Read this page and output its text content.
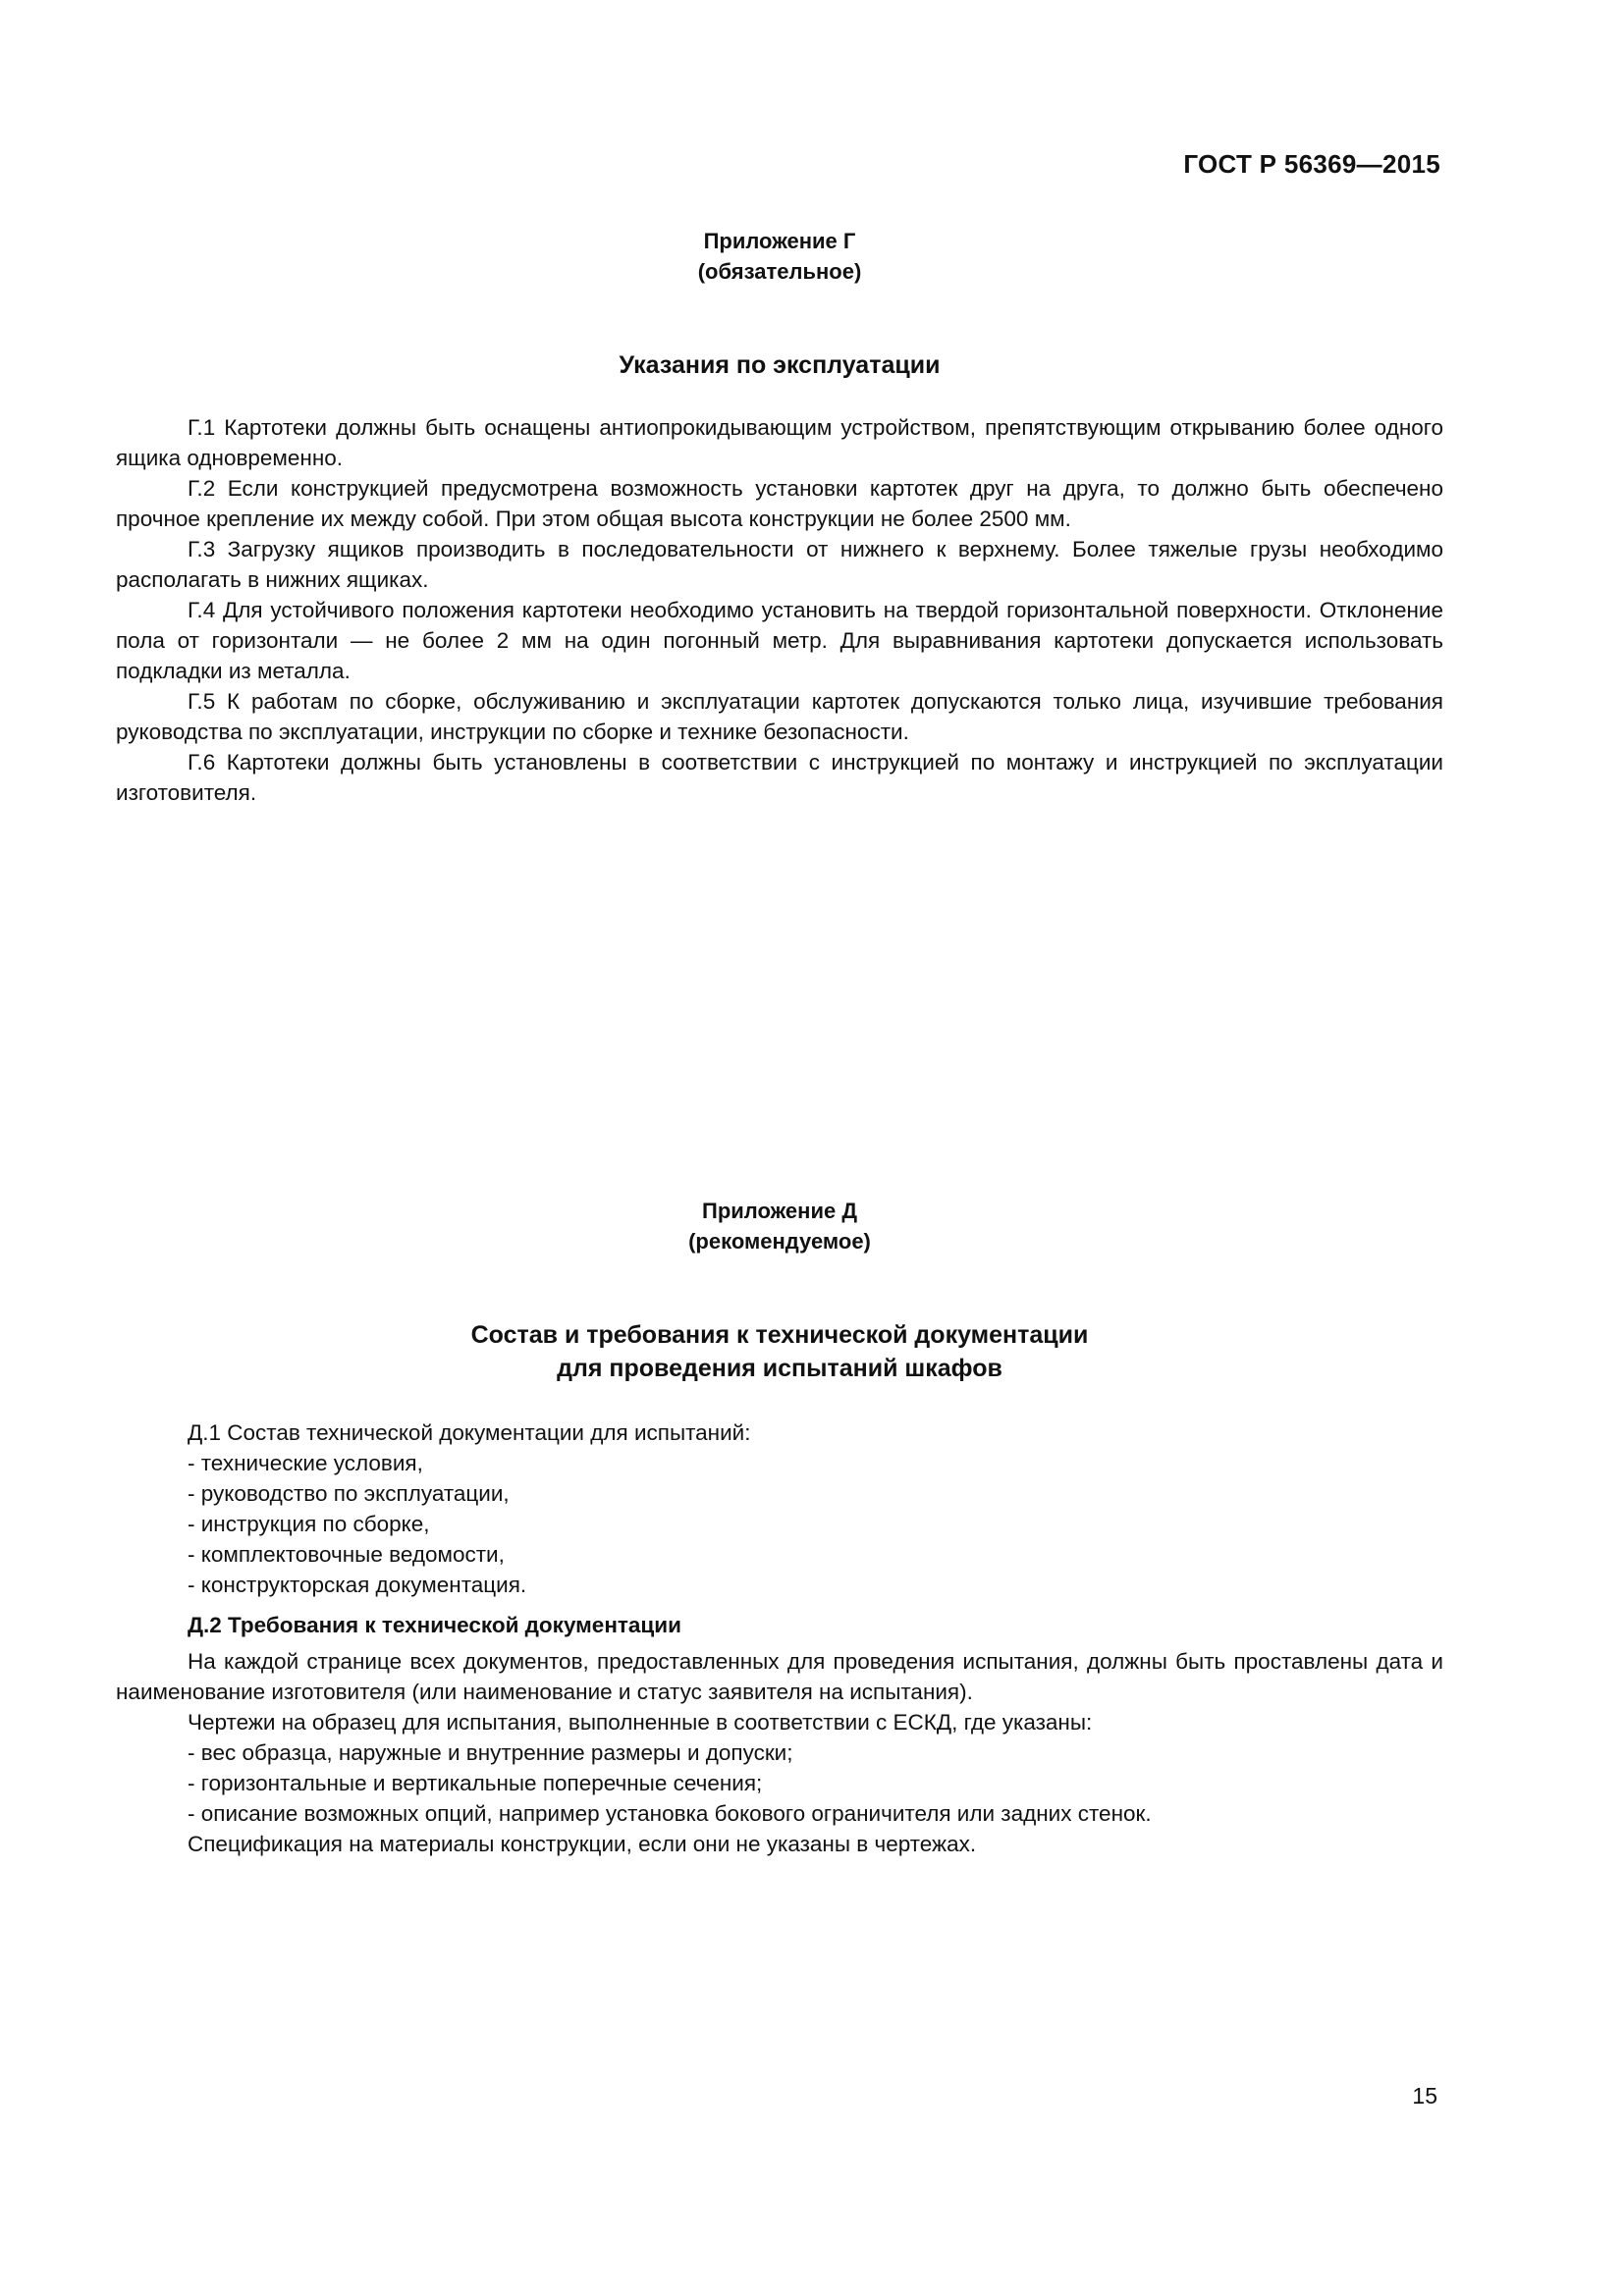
ГОСТ Р 56369—2015
Приложение Г
(обязательное)
Указания по эксплуатации

Г.1 Картотеки должны быть оснащены антиопрокидывающим устройством, препятствующим открыванию более одного ящика одновременно.

Г.2 Если конструкцией предусмотрена возможность установки картотек друг на друга, то должно быть обеспечено прочное крепление их между собой. При этом общая высота конструкции не более 2500 мм.

Г.3 Загрузку ящиков производить в последовательности от нижнего к верхнему. Более тяжелые грузы необходимо располагать в нижних ящиках.

Г.4 Для устойчивого положения картотеки необходимо установить на твердой горизонтальной поверхности. Отклонение пола от горизонтали — не более 2 мм на один погонный метр. Для выравнивания картотеки допускается использовать подкладки из металла.

Г.5 К работам по сборке, обслуживанию и эксплуатации картотек допускаются только лица, изучившие требования руководства по эксплуатации, инструкции по сборке и технике безопасности.

Г.6 Картотеки должны быть установлены в соответствии с инструкцией по монтажу и инструкцией по эксплуатации изготовителя.

Приложение Д
(рекомендуемое)
Состав и требования к технической документации
для проведения испытаний шкафов

Д.1 Состав технической документации для испытаний:

- технические условия,

- руководство по эксплуатации,

- инструкция по сборке,

- комплектовочные ведомости,

- конструкторская документация.

Д.2 Требования к технической документации

На каждой странице всех документов, предоставленных для проведения испытания, должны быть проставлены дата и наименование изготовителя (или наименование и статус заявителя на испытания).

Чертежи на образец для испытания, выполненные в соответствии с ЕСКД, где указаны:

- вес образца, наружные и внутренние размеры и допуски;

- горизонтальные и вертикальные поперечные сечения;

- описание возможных опций, например установка бокового ограничителя или задних стенок.

Спецификация на материалы конструкции, если они не указаны в чертежах.

15
